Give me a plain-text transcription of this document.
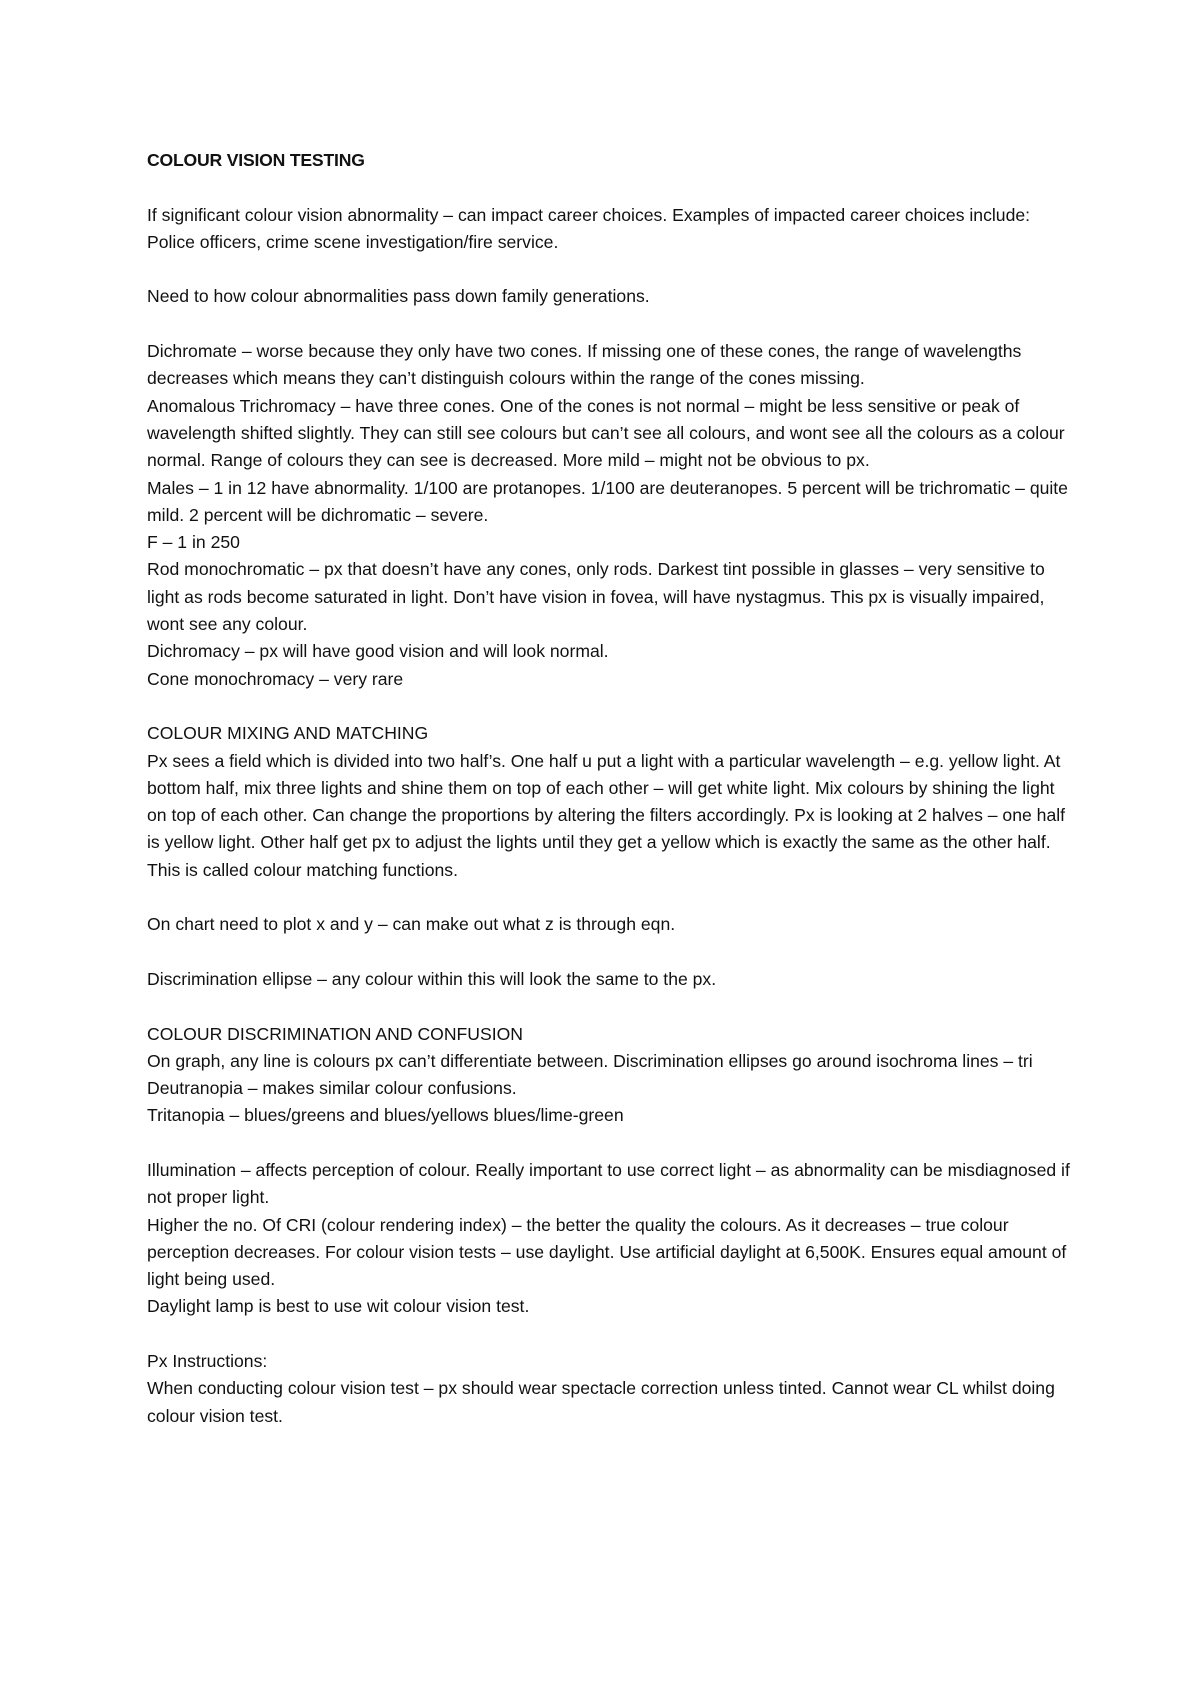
COLOUR VISION TESTING

If significant colour vision abnormality – can impact career choices. Examples of impacted career choices include: Police officers, crime scene investigation/fire service.

Need to how colour abnormalities pass down family generations.

Dichromate – worse because they only have two cones. If missing one of these cones, the range of wavelengths decreases which means they can’t distinguish colours within the range of the cones missing.

Anomalous Trichromacy – have three cones. One of the cones is not normal – might be less sensitive or peak of wavelength shifted slightly. They can still see colours but can’t see all colours, and wont see all the colours as a colour normal. Range of colours they can see is decreased. More mild – might not be obvious to px.

Males – 1 in 12 have abnormality. 1/100 are protanopes. 1/100 are deuteranopes. 5 percent will be trichromatic – quite mild. 2 percent will be dichromatic – severe.

F – 1 in 250

Rod monochromatic – px that doesn’t have any cones, only rods. Darkest tint possible in glasses – very sensitive to light as rods become saturated in light. Don’t have vision in fovea, will have nystagmus. This px is visually impaired, wont see any colour.

Dichromacy – px will have good vision and will look normal.

Cone monochromacy – very rare

COLOUR MIXING AND MATCHING

Px sees a field which is divided into two half’s. One half u put a light with a particular wavelength – e.g. yellow light. At bottom half, mix three lights and shine them on top of each other – will get white light. Mix colours by shining the light on top of each other. Can change the proportions by altering the filters accordingly. Px is looking at 2 halves – one half is yellow light. Other half get px to adjust the lights until they get a yellow which is exactly the same as the other half. This is called colour matching functions.

On chart need to plot x and y – can make out what z is through eqn.

Discrimination ellipse – any colour within this will look the same to the px.

COLOUR DISCRIMINATION AND CONFUSION

On graph, any line is colours px can’t differentiate between. Discrimination ellipses go around isochroma lines – tri

Deutranopia – makes similar colour confusions.

Tritanopia – blues/greens and blues/yellows blues/lime-green

Illumination – affects perception of colour. Really important to use correct light – as abnormality can be misdiagnosed if not proper light.

Higher the no. Of CRI (colour rendering index) – the better the quality the colours. As it decreases – true colour perception decreases. For colour vision tests – use daylight. Use artificial daylight at 6,500K. Ensures equal amount of light being used.

Daylight lamp is best to use wit colour vision test.

Px Instructions:

When conducting colour vision test – px should wear spectacle correction unless tinted. Cannot wear CL whilst doing colour vision test.
